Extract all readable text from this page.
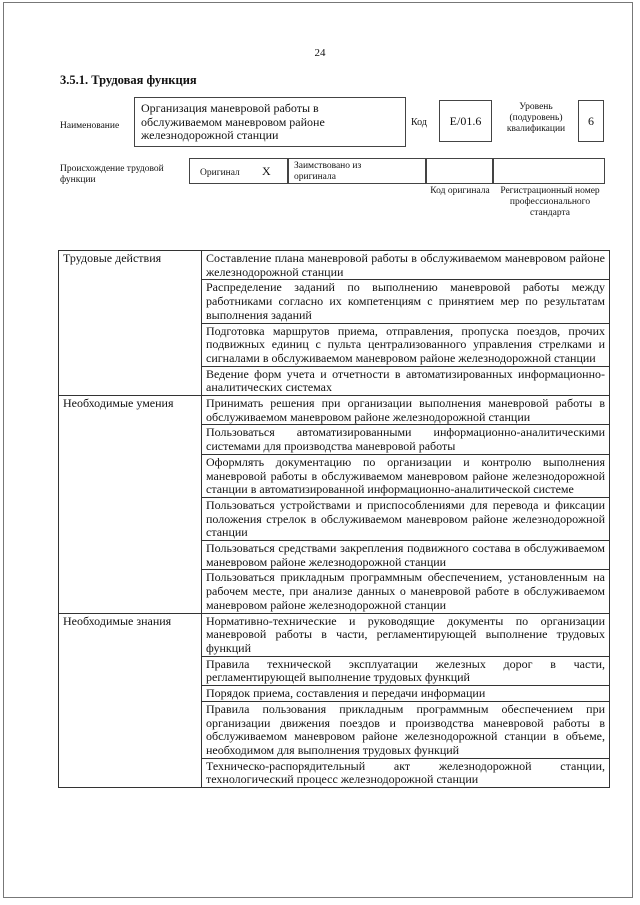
24
3.5.1. Трудовая функция
Наименование
Организация маневровой работы в обслуживаемом маневровом районе железнодорожной станции
Код	E/01.6
Уровень (подуровень) квалификации
6
Происхождение трудовой функции
Оригинал X Заимствовано из оригинала
Код оригинала	Регистрационный номер профессионального стандарта
Трудовые действия	Составление плана маневровой работы в обслуживаемом маневровом районе железнодорожной станции
	Распределение заданий по выполнению маневровой работы между работниками согласно их компетенциям с принятием мер по результатам выполнения заданий
	Подготовка маршрутов приема, отправления, пропуска поездов, прочих подвижных единиц с пульта централизованного управления стрелками и сигналами в обслуживаемом маневровом районе железнодорожной станции
	Ведение форм учета и отчетности в автоматизированных информационно-аналитических системах

Необходимые умения	Принимать решения при организации выполнения маневровой работы в обслуживаемом маневровом районе железнодорожной станции
	Пользоваться автоматизированными информационно-аналитическими системами для производства маневровой работы
	Оформлять документацию по организации и контролю выполнения маневровой работы в обслуживаемом маневровом районе железнодорожной станции в автоматизированной информационно-аналитической системе
	Пользоваться устройствами и приспособлениями для перевода и фиксации положения стрелок в обслуживаемом маневровом районе железнодорожной станции
	Пользоваться средствами закрепления подвижного состава в обслуживаемом маневровом районе железнодорожной станции
	Пользоваться прикладным программным обеспечением, установленным на рабочем месте, при анализе данных о маневровой работе в обслуживаемом маневровом районе железнодорожной станции

Необходимые знания	Нормативно-технические и руководящие документы по организации маневровой работы в части, регламентирующей выполнение трудовых функций
	Правила технической эксплуатации железных дорог в части, регламентирующей выполнение трудовых функций
	Порядок приема, составления и передачи информации
	Правила пользования прикладным программным обеспечением при организации движения поездов и производства маневровой работы в обслуживаемом маневровом районе железнодорожной станции в объеме, необходимом для выполнения трудовых функций
	Техническо-распорядительный акт железнодорожной станции, технологический процесс железнодорожной станции
